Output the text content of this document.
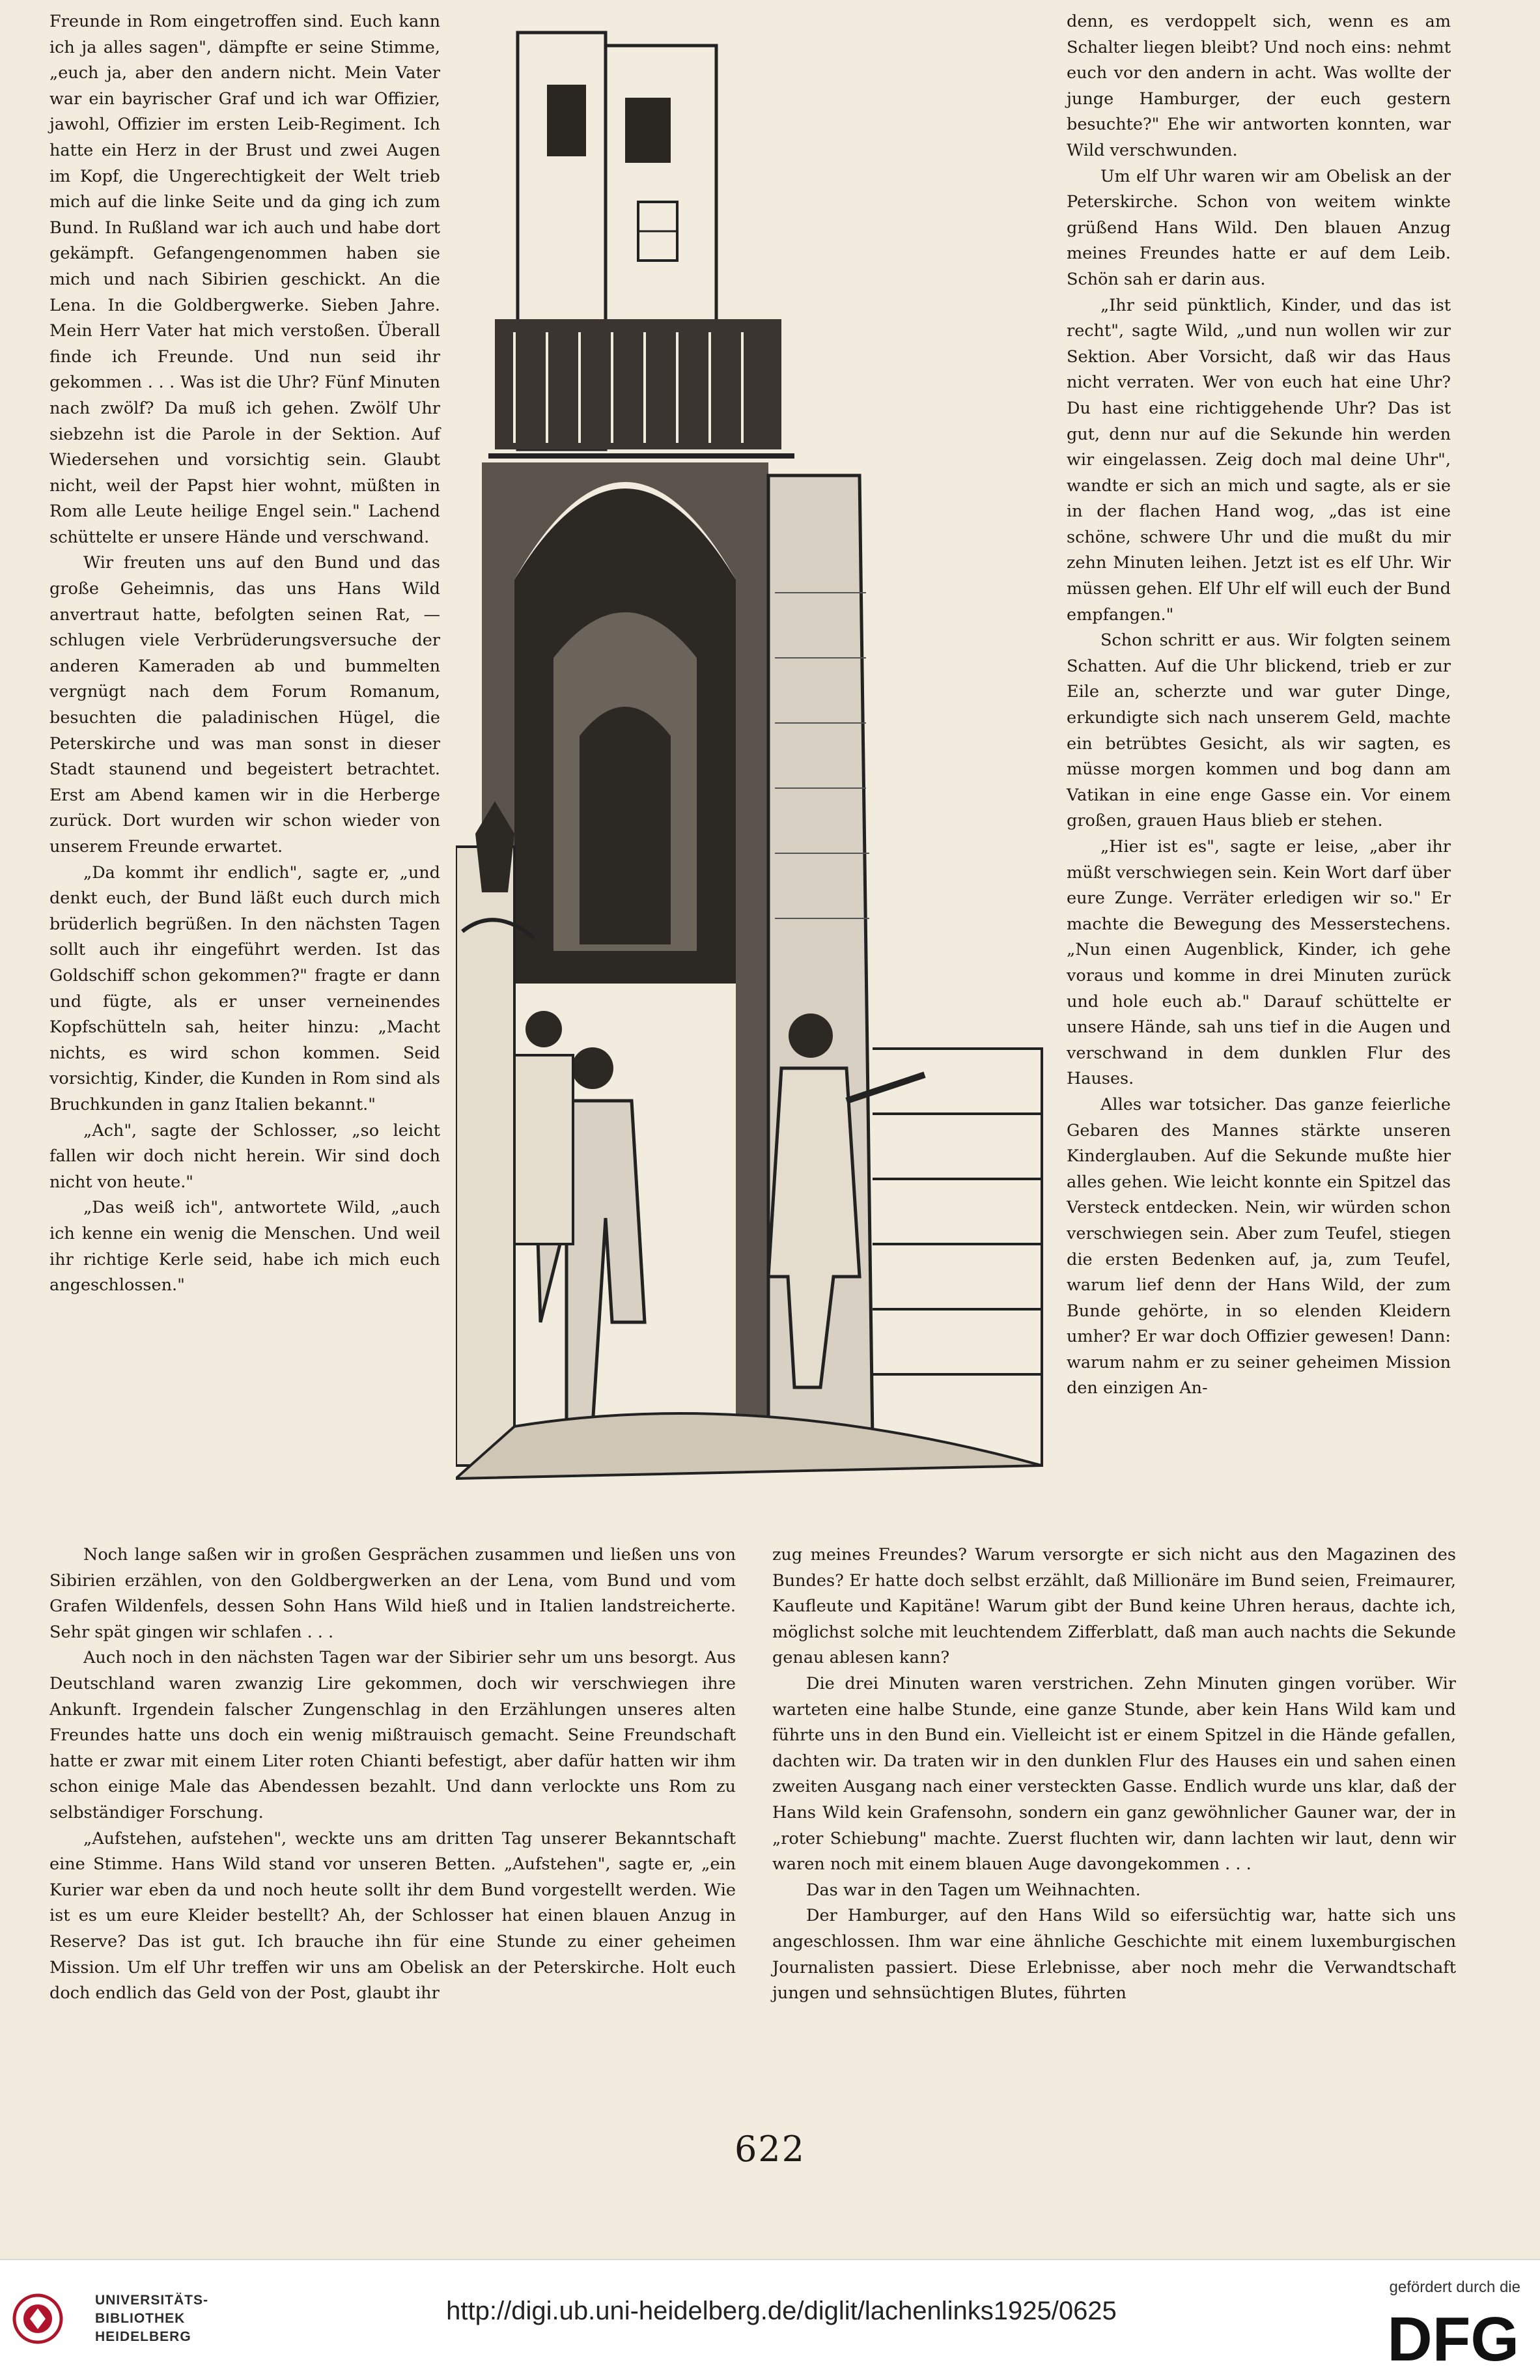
Freunde in Rom eingetroffen sind. Euch kann ich ja alles sagen", dämpfte er seine Stimme, „euch ja, aber den andern nicht. Mein Vater war ein bayrischer Graf und ich war Offizier, jawohl, Offizier im ersten Leib-Regiment. Ich hatte ein Herz in der Brust und zwei Augen im Kopf, die Ungerechtigkeit der Welt trieb mich auf die linke Seite und da ging ich zum Bund. In Rußland war ich auch und habe dort gekämpft. Gefangengenommen haben sie mich und nach Sibirien geschickt. An die Lena. In die Goldbergwerke. Sieben Jahre. Mein Herr Vater hat mich verstoßen. Überall finde ich Freunde. Und nun seid ihr gekommen . . . Was ist die Uhr? Fünf Minuten nach zwölf? Da muß ich gehen. Zwölf Uhr siebzehn ist die Parole in der Sektion. Auf Wiedersehen und vorsichtig sein. Glaubt nicht, weil der Papst hier wohnt, müßten in Rom alle Leute heilige Engel sein." Lachend schüttelte er unsere Hände und verschwand.

Wir freuten uns auf den Bund und das große Geheimnis, das uns Hans Wild anvertraut hatte, befolgten seinen Rat, — schlugen viele Verbrüderungsversuche der anderen Kameraden ab und bummelten vergnügt nach dem Forum Romanum, besuchten die paladinischen Hügel, die Peterskirche und was man sonst in dieser Stadt staunend und begeistert betrachtet. Erst am Abend kamen wir in die Herberge zurück. Dort wurden wir schon wieder von unserem Freunde erwartet.

„Da kommt ihr endlich", sagte er, „und denkt euch, der Bund läßt euch durch mich brüderlich begrüßen. In den nächsten Tagen sollt auch ihr eingeführt werden. Ist das Goldschiff schon gekommen?" fragte er dann und fügte, als er unser verneinendes Kopfschütteln sah, heiter hinzu: „Macht nichts, es wird schon kommen. Seid vorsichtig, Kinder, die Kunden in Rom sind als Bruchkunden in ganz Italien bekannt."

„Ach", sagte der Schlosser, „so leicht fallen wir doch nicht herein. Wir sind doch nicht von heute."

„Das weiß ich", antwortete Wild, „auch ich kenne ein wenig die Menschen. Und weil ihr richtige Kerle seid, habe ich mich euch angeschlossen."

denn, es verdoppelt sich, wenn es am Schalter liegen bleibt? Und noch eins: nehmt euch vor den andern in acht. Was wollte der junge Hamburger, der euch gestern besuchte?" Ehe wir antworten konnten, war Wild verschwunden.

Um elf Uhr waren wir am Obelisk an der Peterskirche. Schon von weitem winkte grüßend Hans Wild. Den blauen Anzug meines Freundes hatte er auf dem Leib. Schön sah er darin aus.

„Ihr seid pünktlich, Kinder, und das ist recht", sagte Wild, „und nun wollen wir zur Sektion. Aber Vorsicht, daß wir das Haus nicht verraten. Wer von euch hat eine Uhr? Du hast eine richtiggehende Uhr? Das ist gut, denn nur auf die Sekunde hin werden wir eingelassen. Zeig doch mal deine Uhr", wandte er sich an mich und sagte, als er sie in der flachen Hand wog, „das ist eine schöne, schwere Uhr und die mußt du mir zehn Minuten leihen. Jetzt ist es elf Uhr. Wir müssen gehen. Elf Uhr elf will euch der Bund empfangen."

Schon schritt er aus. Wir folgten seinem Schatten. Auf die Uhr blickend, trieb er zur Eile an, scherzte und war guter Dinge, erkundigte sich nach unserem Geld, machte ein betrübtes Gesicht, als wir sagten, es müsse morgen kommen und bog dann am Vatikan in eine enge Gasse ein. Vor einem großen, grauen Haus blieb er stehen.

„Hier ist es", sagte er leise, „aber ihr müßt verschwiegen sein. Kein Wort darf über eure Zunge. Verräter erledigen wir so." Er machte die Bewegung des Messerstechens. „Nun einen Augenblick, Kinder, ich gehe voraus und komme in drei Minuten zurück und hole euch ab." Darauf schüttelte er unsere Hände, sah uns tief in die Augen und verschwand in dem dunklen Flur des Hauses.

Alles war totsicher. Das ganze feierliche Gebaren des Mannes stärkte unseren Kinderglauben. Auf die Sekunde mußte hier alles gehen. Wie leicht konnte ein Spitzel das Versteck entdecken. Nein, wir würden schon verschwiegen sein. Aber zum Teufel, stiegen die ersten Bedenken auf, ja, zum Teufel, warum lief denn der Hans Wild, der zum Bunde gehörte, in so elenden Kleidern umher? Er war doch Offizier gewesen! Dann: warum nahm er zu seiner geheimen Mission den einzigen An-

Noch lange saßen wir in großen Gesprächen zusammen und ließen uns von Sibirien erzählen, von den Goldbergwerken an der Lena, vom Bund und vom Grafen Wildenfels, dessen Sohn Hans Wild hieß und in Italien landstreicherte. Sehr spät gingen wir schlafen . . .

Auch noch in den nächsten Tagen war der Sibirier sehr um uns besorgt. Aus Deutschland waren zwanzig Lire gekommen, doch wir verschwiegen ihre Ankunft. Irgendein falscher Zungenschlag in den Erzählungen unseres alten Freundes hatte uns doch ein wenig mißtrauisch gemacht. Seine Freundschaft hatte er zwar mit einem Liter roten Chianti befestigt, aber dafür hatten wir ihm schon einige Male das Abendessen bezahlt. Und dann verlockte uns Rom zu selbständiger Forschung.

„Aufstehen, aufstehen", weckte uns am dritten Tag unserer Bekanntschaft eine Stimme. Hans Wild stand vor unseren Betten. „Aufstehen", sagte er, „ein Kurier war eben da und noch heute sollt ihr dem Bund vorgestellt werden. Wie ist es um eure Kleider bestellt? Ah, der Schlosser hat einen blauen Anzug in Reserve? Das ist gut. Ich brauche ihn für eine Stunde zu einer geheimen Mission. Um elf Uhr treffen wir uns am Obelisk an der Peterskirche. Holt euch doch endlich das Geld von der Post, glaubt ihr

zug meines Freundes? Warum versorgte er sich nicht aus den Magazinen des Bundes? Er hatte doch selbst erzählt, daß Millionäre im Bund seien, Freimaurer, Kaufleute und Kapitäne! Warum gibt der Bund keine Uhren heraus, dachte ich, möglichst solche mit leuchtendem Zifferblatt, daß man auch nachts die Sekunde genau ablesen kann?

Die drei Minuten waren verstrichen. Zehn Minuten gingen vorüber. Wir warteten eine halbe Stunde, eine ganze Stunde, aber kein Hans Wild kam und führte uns in den Bund ein. Vielleicht ist er einem Spitzel in die Hände gefallen, dachten wir. Da traten wir in den dunklen Flur des Hauses ein und sahen einen zweiten Ausgang nach einer versteckten Gasse. Endlich wurde uns klar, daß der Hans Wild kein Grafensohn, sondern ein ganz gewöhnlicher Gauner war, der in „roter Schiebung" machte. Zuerst fluchten wir, dann lachten wir laut, denn wir waren noch mit einem blauen Auge davongekommen . . .

Das war in den Tagen um Weihnachten.

Der Hamburger, auf den Hans Wild so eifersüchtig war, hatte sich uns angeschlossen. Ihm war eine ähnliche Geschichte mit einem luxemburgischen Journalisten passiert. Diese Erlebnisse, aber noch mehr die Verwandtschaft jungen und sehnsüchtigen Blutes, führten

622
UNIVERSITÄTS-
BIBLIOTHEK
HEIDELBERG
http://digi.ub.uni-heidelberg.de/diglit/lachenlinks1925/0625
gefördert durch die
DFG
